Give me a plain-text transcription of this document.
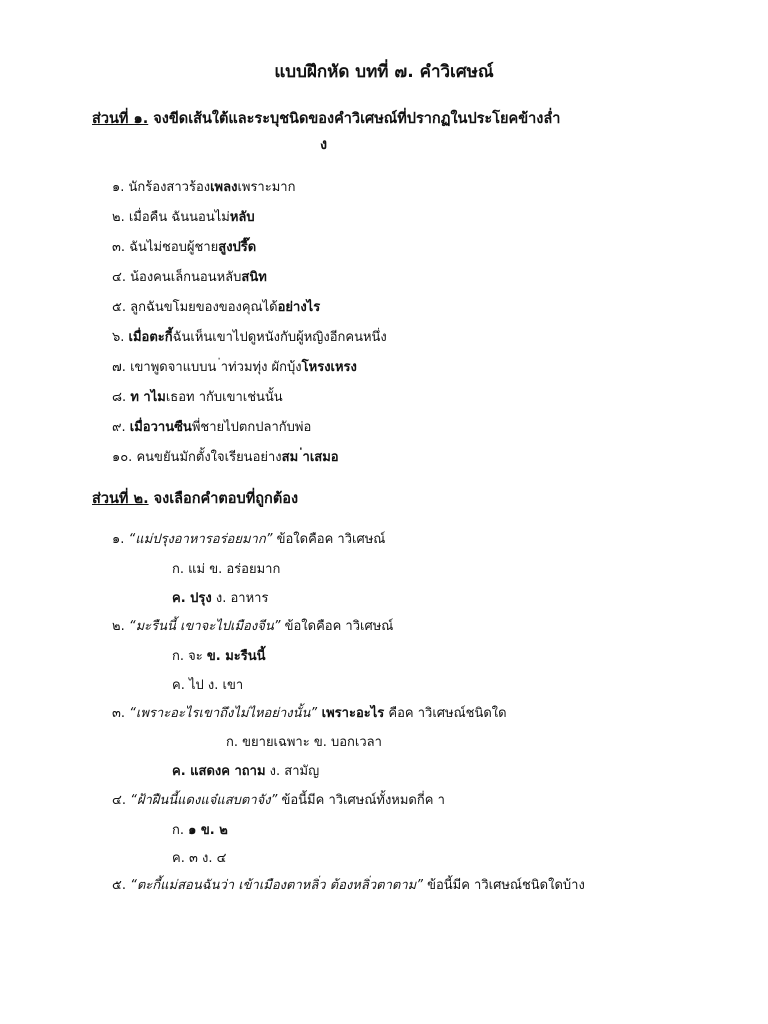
แบบฝึกหัด บทที่ ๗. คำวิเศษณ์
ส่วนที่ ๑. จงขีดเส้นใต้และระบุชนิดของคำวิเศษณ์ที่ปรากฏในประโยคข้างล่ำ
ง
๑. นักร้องสาวร้องเพลงเพราะมาก
๒. เมื่อคืน ฉันนอนไม่หลับ
๓. ฉันไม่ชอบผู้ชายสูงปรี๊ด
๔. น้องคนเล็กนอนหลับสนิท
๕. ลูกฉันขโมยของของคุณได้อย่างไร
๖. เมื่อตะกี้ฉันเห็นเขาไปดูหนังกับผู้หญิงอีกคนหนึ่ง
๗. เขาพูดจาแบบน ่าท่วมทุ่ง ผักบุ้งโหรงเหรง
๘. ท าไมเธอท ากับเขาเช่นนั้น
๙. เมื่อวานซืนพี่ชายไปตกปลากับพ่อ
๑๐. คนขยันมักตั้งใจเรียนอย่างสม ่าเสมอ
ส่วนที่ ๒. จงเลือกคำตอบที่ถูกต้อง
๑. “แม่ปรุงอาหารอร่อยมาก” ข้อใดคือค าวิเศษณ์
ก. แม่ ข. อร่อยมาก
ค. ปรุง ง. อาหาร
๒. “มะรืนนี้ เขาจะไปเมืองจีน” ข้อใดคือค าวิเศษณ์
ก. จะ ข. มะรืนนี้
ค. ไป ง. เขา
๓. “เพราะอะไรเขาถึงไม่ไหอย่างนั้น” เพราะอะไร คือค าวิเศษณ์ชนิดใด
ก. ขยายเฉพาะ ข. บอกเวลา
ค. แสดงค าถาม ง. สามัญ
๔. “ฝ้าฝืนนี้แดงแจ๋แสบตาจัง” ข้อนี้มีค าวิเศษณ์ทั้งหมดกี่ค า
ก. ๑ ข. ๒
ค. ๓ ง. ๔
๕. “ตะกี้แม่สอนฉันว่า เข้าเมืองตาหลิ่ว ต้องหลิ่วตาตาม” ข้อนี้มีค าวิเศษณ์ชนิดใดบ้าง
